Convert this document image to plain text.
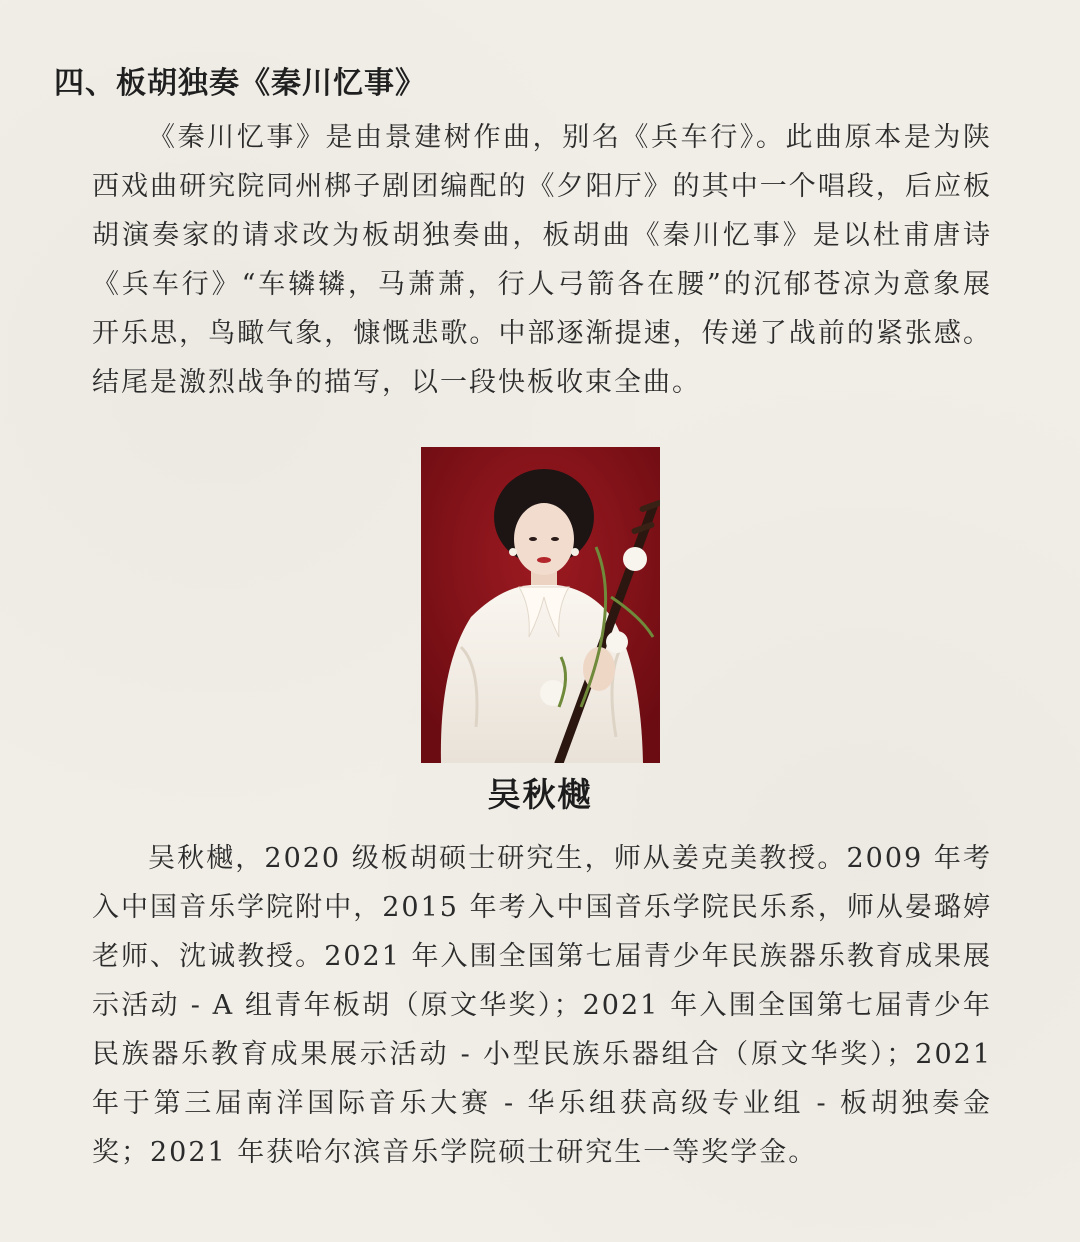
四、板胡独奏《秦川忆事》

《秦川忆事》是由景建树作曲，别名《兵车行》。此曲原本是为陕西戏曲研究院同州梆子剧团编配的《夕阳厅》的其中一个唱段，后应板胡演奏家的请求改为板胡独奏曲，板胡曲《秦川忆事》是以杜甫唐诗《兵车行》“车辚辚，马萧萧，行人弓箭各在腰”的沉郁苍凉为意象展开乐思，鸟瞰气象，慷慨悲歌。中部逐渐提速，传递了战前的紧张感。结尾是激烈战争的描写，以一段快板收束全曲。

吴秋樾

吴秋樾，2020 级板胡硕士研究生，师从姜克美教授。2009 年考入中国音乐学院附中，2015 年考入中国音乐学院民乐系，师从晏璐婷老师、沈诚教授。2021 年入围全国第七届青少年民族器乐教育成果展示活动 - A 组青年板胡（原文华奖）；2021 年入围全国第七届青少年民族器乐教育成果展示活动 - 小型民族乐器组合（原文华奖）；2021 年于第三届南洋国际音乐大赛 - 华乐组获高级专业组 - 板胡独奏金奖；2021 年获哈尔滨音乐学院硕士研究生一等奖学金。
